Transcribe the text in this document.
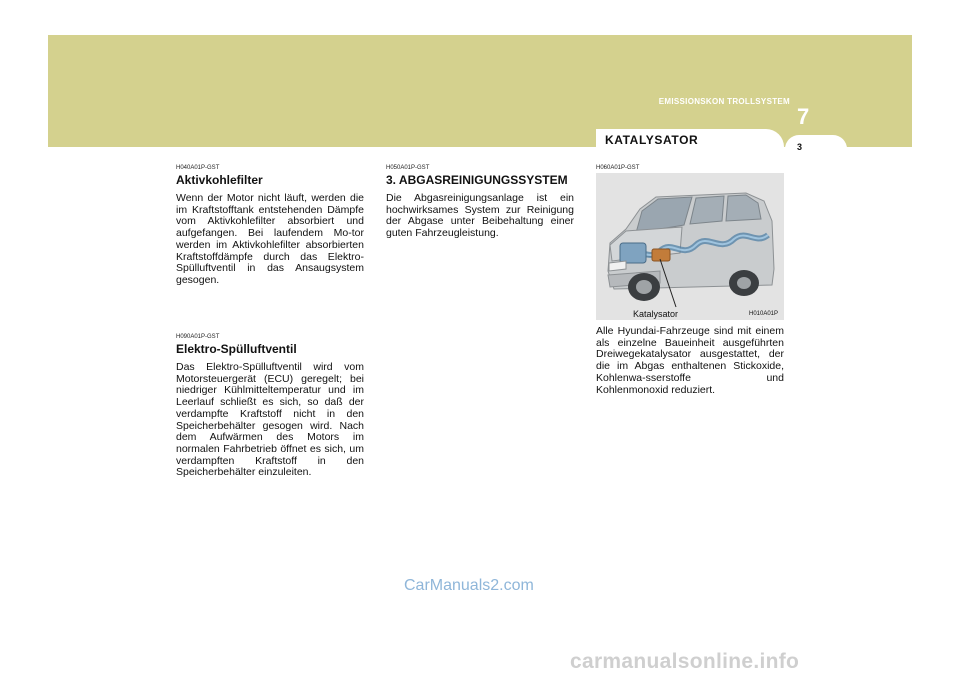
EMISSIONSKON TROLLSYSTEM
7
KATALYSATOR	3

H040A01P-GST

Aktivkohlefilter

Wenn der Motor nicht läuft, werden die im Kraftstofftank entstehenden Dämpfe vom Aktivkohlefilter absorbiert und aufgefangen. Bei laufendem Mo-tor werden im Aktivkohlefilter absorbierten Kraftstoffdämpfe durch das Elektro-Spülluftventil in das Ansaugsystem gesogen.

H090A01P-GST

Elektro-Spülluftventil

Das Elektro-Spülluftventil wird vom Motorsteuergerät (ECU) geregelt; bei niedriger Kühlmitteltemperatur und im Leerlauf schließt es sich, so daß der verdampfte Kraftstoff nicht in den Speicherbehälter gesogen wird. Nach dem Aufwärmen des Motors im normalen Fahrbetrieb öffnet es sich, um verdampften Kraftstoff in den Speicherbehälter einzuleiten.

H050A01P-GST

3. ABGASREINIGUNGSSYSTEM

Die Abgasreinigungsanlage ist ein hochwirksames System zur Reinigung der Abgase unter Beibehaltung einer guten Fahrzeugleistung.

H060A01P-GST

Katalysator	H010A01P

Alle Hyundai-Fahrzeuge sind mit einem als einzelne Baueinheit ausgeführten Dreiwegekatalysator ausgestattet, der die im Abgas enthaltenen Stickoxide, Kohlenwa-sserstoffe und Kohlenmonoxid reduziert.

CarManuals2.com
carmanualsonline.info
